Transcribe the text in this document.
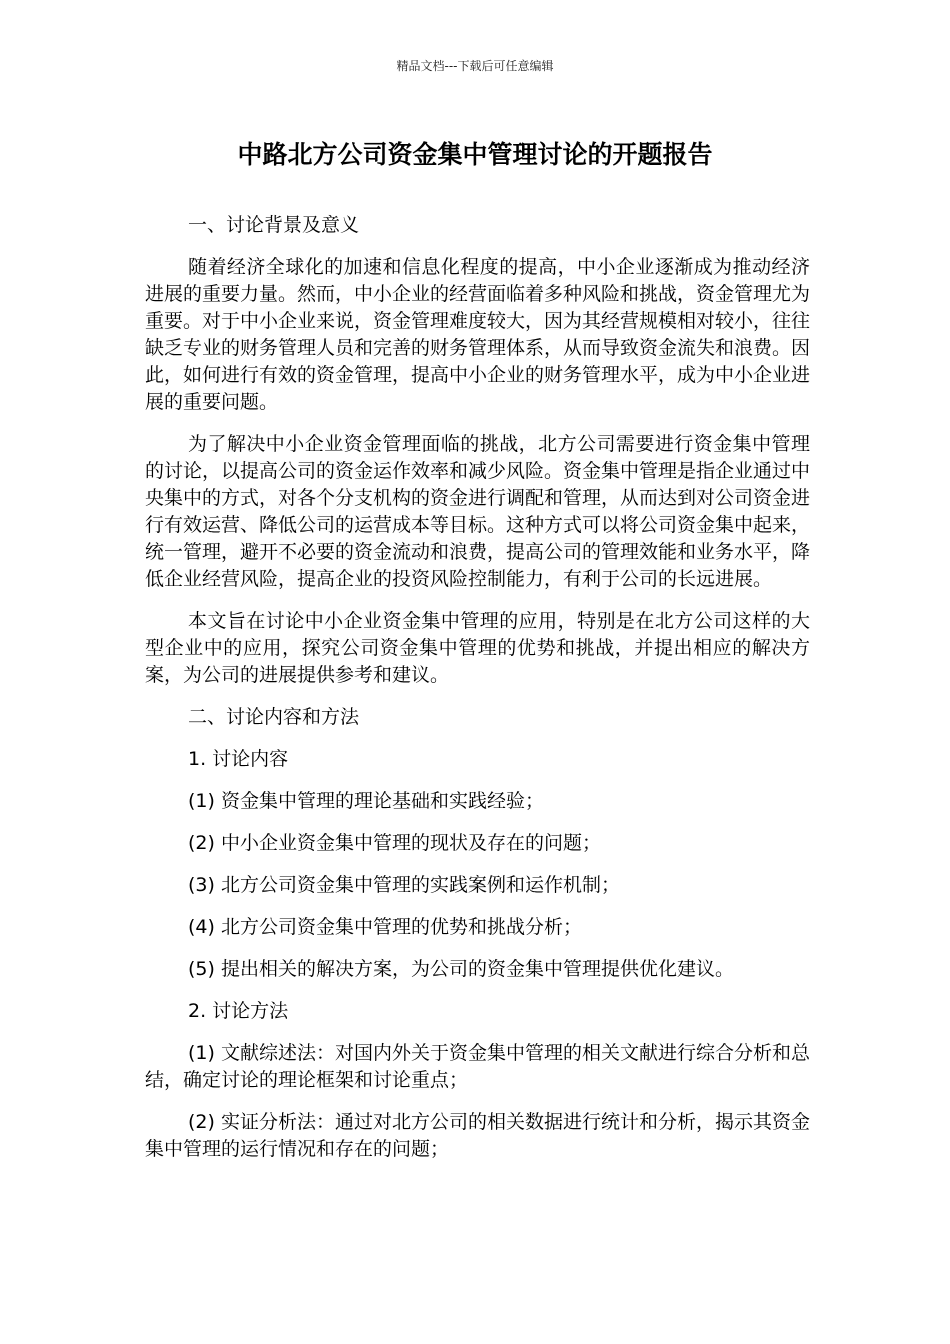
精品文档---下载后可任意编辑
中路北方公司资金集中管理讨论的开题报告

一、讨论背景及意义

随着经济全球化的加速和信息化程度的提高，中小企业逐渐成为推动经济进展的重要力量。然而，中小企业的经营面临着多种风险和挑战，资金管理尤为重要。对于中小企业来说，资金管理难度较大，因为其经营规模相对较小，往往缺乏专业的财务管理人员和完善的财务管理体系，从而导致资金流失和浪费。因此，如何进行有效的资金管理，提高中小企业的财务管理水平，成为中小企业进展的重要问题。

为了解决中小企业资金管理面临的挑战，北方公司需要进行资金集中管理的讨论，以提高公司的资金运作效率和减少风险。资金集中管理是指企业通过中央集中的方式，对各个分支机构的资金进行调配和管理，从而达到对公司资金进行有效运营、降低公司的运营成本等目标。这种方式可以将公司资金集中起来，统一管理，避开不必要的资金流动和浪费，提高公司的管理效能和业务水平，降低企业经营风险，提高企业的投资风险控制能力，有利于公司的长远进展。

本文旨在讨论中小企业资金集中管理的应用，特别是在北方公司这样的大型企业中的应用，探究公司资金集中管理的优势和挑战，并提出相应的解决方案，为公司的进展提供参考和建议。

二、讨论内容和方法

1. 讨论内容

(1) 资金集中管理的理论基础和实践经验；

(2) 中小企业资金集中管理的现状及存在的问题；

(3) 北方公司资金集中管理的实践案例和运作机制；

(4) 北方公司资金集中管理的优势和挑战分析；

(5) 提出相关的解决方案，为公司的资金集中管理提供优化建议。

2. 讨论方法

(1) 文献综述法：对国内外关于资金集中管理的相关文献进行综合分析和总结，确定讨论的理论框架和讨论重点；

(2) 实证分析法：通过对北方公司的相关数据进行统计和分析，揭示其资金集中管理的运行情况和存在的问题；
